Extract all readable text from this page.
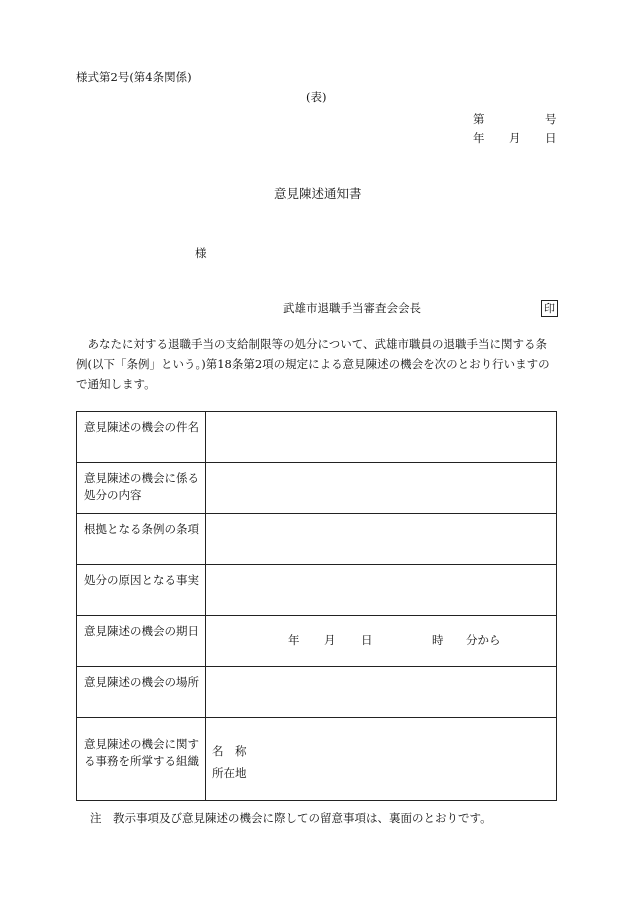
様式第2号(第4条関係)
(表)
第	号
年 月 日
意見陳述通知書
様
武雄市退職手当審査会会長	印
あなたに対する退職手当の支給制限等の処分について、武雄市職員の退職手当に関する条例(以下「条例」という。)第18条第2項の規定による意見陳述の機会を次のとおり行いますので通知します。
意見陳述の機会の件名	
意見陳述の機会に係る処分の内容	
根拠となる条例の条項	
処分の原因となる事実	
意見陳述の機会の期日	年 月 日 時 分から

意見陳述の機会の場所	
意見陳述の機会に関する事務を所掌する組織	名　称
所在地
注　教示事項及び意見陳述の機会に際しての留意事項は、裏面のとおりです。
